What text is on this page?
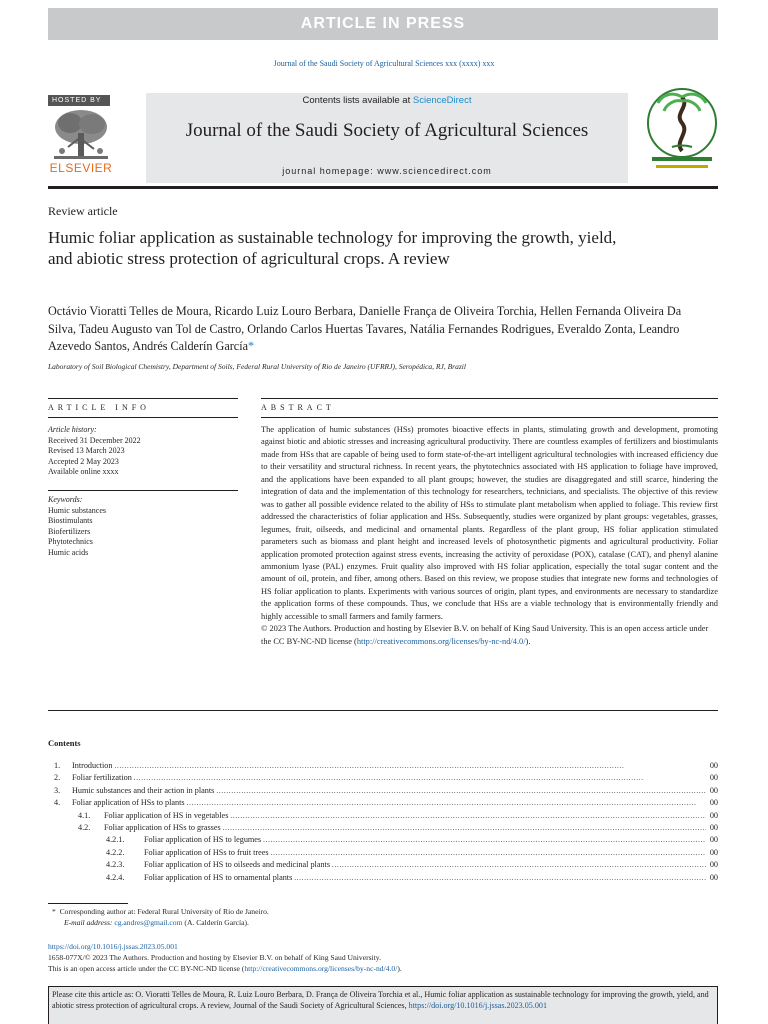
ARTICLE IN PRESS
Journal of the Saudi Society of Agricultural Sciences xxx (xxxx) xxx
HOSTED BY
ELSEVIER
Contents lists available at ScienceDirect
Journal of the Saudi Society of Agricultural Sciences
journal homepage: www.sciencedirect.com
Review article
Humic foliar application as sustainable technology for improving the growth, yield, and abiotic stress protection of agricultural crops. A review
Octávio Vioratti Telles de Moura, Ricardo Luiz Louro Berbara, Danielle França de Oliveira Torchia, Hellen Fernanda Oliveira Da Silva, Tadeu Augusto van Tol de Castro, Orlando Carlos Huertas Tavares, Natália Fernandes Rodrigues, Everaldo Zonta, Leandro Azevedo Santos, Andrés Calderín García*
Laboratory of Soil Biological Chemistry, Department of Soils, Federal Rural University of Rio de Janeiro (UFRRJ), Seropédica, RJ, Brazil
ARTICLE INFO	ABSTRACT
Article history:
Received 31 December 2022
Revised 13 March 2023
Accepted 2 May 2023
Available online xxxx
Keywords:
Humic substances
Biostimulants
Biofertilizers
Phytotechnics
Humic acids
The application of humic substances (HSs) promotes bioactive effects in plants, stimulating growth and development, promoting against biotic and abiotic stresses and increasing agricultural productivity. There are countless examples of fertilizers and biostimulants made from HSs that are capable of being used to form state-of-the-art intelligent agricultural technologies with increased efficiency due to their versatility and structural richness. In recent years, the phytotechnics associated with HS application to foliage have improved, and the applications have been expanded to all plant groups; however, the studies are disaggregated and still scarce, hindering the integration of data and the implementation of this technology for researchers, technicians, and specialists. The objective of this review was to gather all possible evidence related to the ability of HSs to stimulate plant metabolism when applied to foliage. This review first addressed the characteristics of foliar application and HSs. Subsequently, studies were organized by plant groups: vegetables, grasses, legumes, fruit, oilseeds, and medicinal and ornamental plants. Regardless of the plant group, HS foliar application stimulated parameters such as biomass and plant height and increased levels of photosynthetic pigments and agricultural productivity. Foliar application promoted protection against stress events, increasing the activity of peroxidase (POX), catalase (CAT), and phenyl alanine ammonium lyase (PAL) enzymes. Fruit quality also improved with HS foliar application, especially the total sugar content and the amount of oil, protein, and fiber, among others. Based on this review, we propose studies that integrate new forms and technologies of HS foliar application to plants. Experiments with various sources of origin, plant types, and environments are necessary to standardize the application forms of these compounds. Thus, we conclude that HSs are a viable technology that is environmentally friendly and highly accessible to small farmers and family farmers.
© 2023 The Authors. Production and hosting by Elsevier B.V. on behalf of King Saud University. This is an open access article under the CC BY-NC-ND license (http://creativecommons.org/licenses/by-nc-nd/4.0/).
Contents
1.	Introduction . . .	00
2.	Foliar fertilization . . .	00
3.	Humic substances and their action in plants . . .	00
4.	Foliar application of HSs to plants . . .	00
4.1.	Foliar application of HS in vegetables . . .	00
4.2.	Foliar application of HSs to grasses . . .	00
4.2.1.	Foliar application of HS to legumes . . .	00
4.2.2.	Foliar application of HSs to fruit trees . . .	00
4.2.3.	Foliar application of HS to oilseeds and medicinal plants . . .	00
4.2.4.	Foliar application of HS to ornamental plants . . .	00
* Corresponding author at: Federal Rural University of Rio de Janeiro.
E-mail address: cg.andres@gmail.com (A. Calderín García).
https://doi.org/10.1016/j.jssas.2023.05.001
1658-077X/© 2023 The Authors. Production and hosting by Elsevier B.V. on behalf of King Saud University.
This is an open access article under the CC BY-NC-ND license (http://creativecommons.org/licenses/by-nc-nd/4.0/).
Please cite this article as: O. Vioratti Telles de Moura, R. Luiz Louro Berbara, D. França de Oliveira Torchia et al., Humic foliar application as sustainable technology for improving the growth, yield, and abiotic stress protection of agricultural crops. A review, Journal of the Saudi Society of Agricultural Sciences, https://doi.org/10.1016/j.jssas.2023.05.001
